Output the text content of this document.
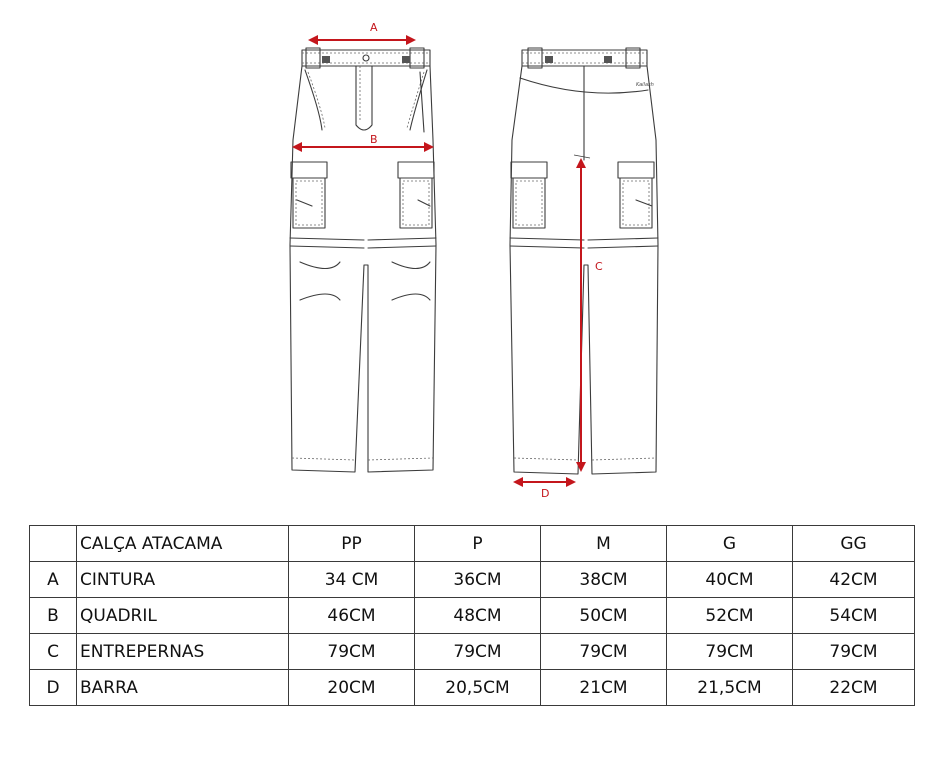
Kailash
A
B
C
D
	CALÇA ATACAMA	PP	P	M	G	GG
A	CINTURA	34 CM	36CM	38CM	40CM	42CM
B	QUADRIL	46CM	48CM	50CM	52CM	54CM
C	ENTREPERNAS	79CM	79CM	79CM	79CM	79CM
D	BARRA	20CM	20,5CM	21CM	21,5CM	22CM
